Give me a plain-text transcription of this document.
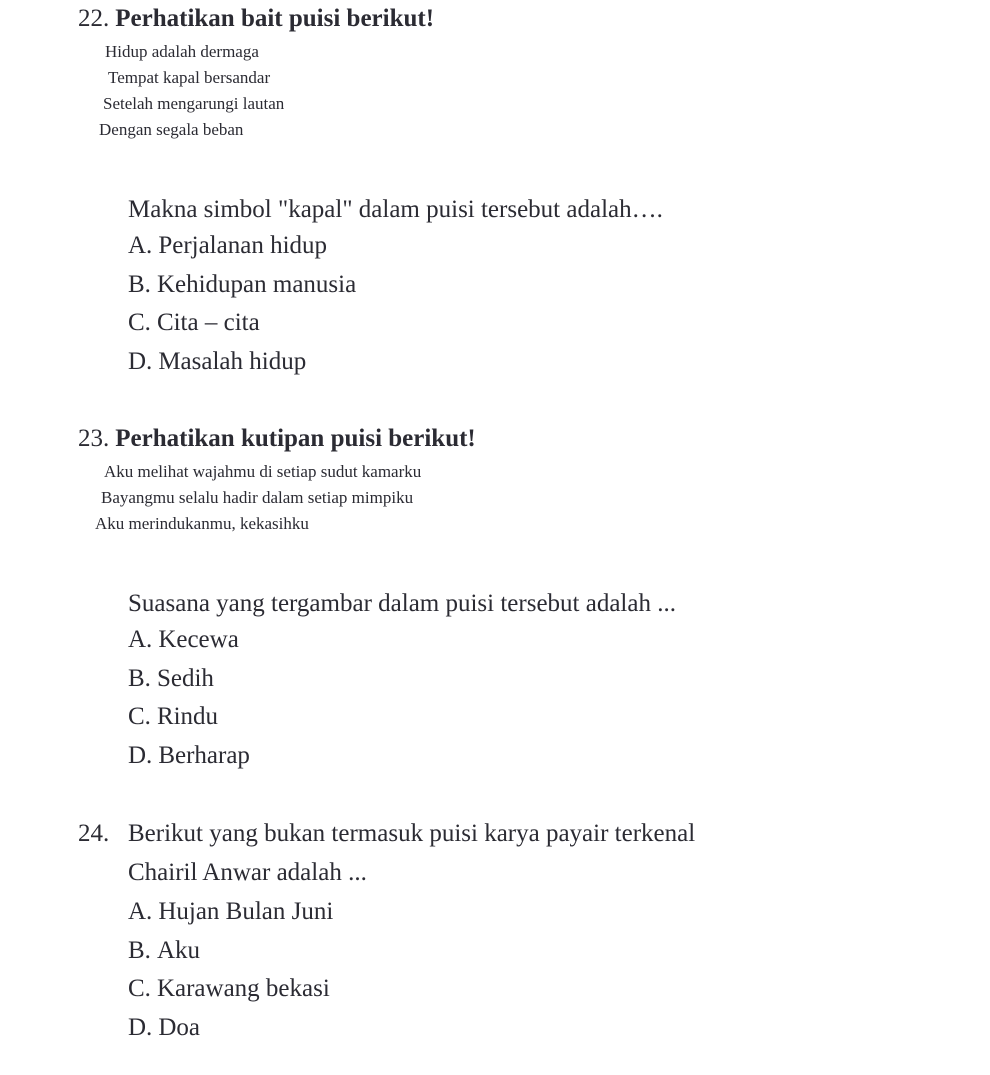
22. Perhatikan bait puisi berikut!
Hidup adalah dermaga
Tempat kapal bersandar
Setelah mengarungi lautan
Dengan segala beban
Makna simbol "kapal" dalam puisi tersebut adalah….
A. Perjalanan hidup
B. Kehidupan manusia
C. Cita – cita
D. Masalah hidup
23. Perhatikan kutipan puisi berikut!
Aku melihat wajahmu di setiap sudut kamarku
Bayangmu selalu hadir dalam setiap mimpiku
Aku merindukanmu, kekasihku
Suasana yang tergambar dalam puisi tersebut adalah ...
A. Kecewa
B. Sedih
C. Rindu
D. Berharap
24. Berikut yang bukan termasuk puisi karya payair terkenal Chairil Anwar adalah ...
A. Hujan Bulan Juni
B. Aku
C. Karawang bekasi
D. Doa
